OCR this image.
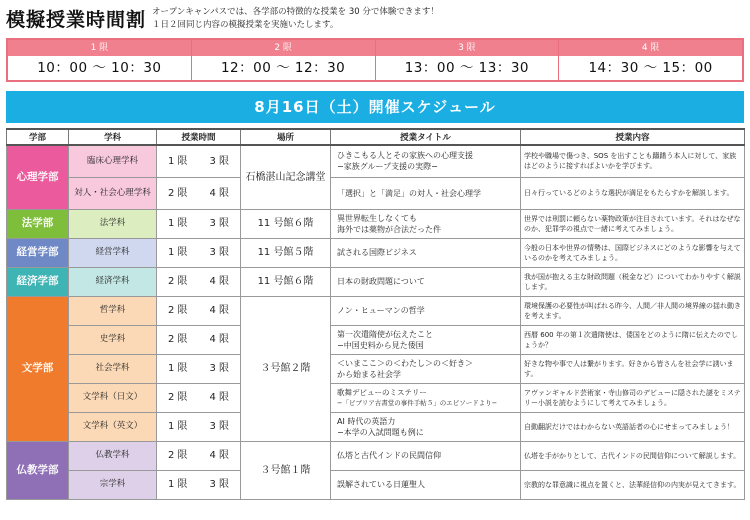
模擬授業時間割 オープンキャンパスでは、各学部の特徴的な授業を 30 分で体験できます！
１日２回同じ内容の模擬授業を実施いたします。
1 限
10：00 〜 10：30
2 限
12：00 〜 12：30
3 限
13：00 〜 13：30
4 限
14：30 〜 15：00
8月16日（土）開催スケジュール
学部	学科	授業時間		場所	授業タイトル	授業内容
心理学部	臨床心理学科	1 限	3 限	石橋湛山記念講堂	ひきこもる人とその家族への心理支援
−家族グループ支援の実際−	学校や職場で傷つき、SOS を出すことも躊躇う本人に対して、家族はどのように接すればよいかを学びます。
	対人・社会心理学科	2 限	4 限		「選択」と「満足」の対人・社会心理学	日々行っているどのような選択が満足をもたらすかを解説します。
法学部	法学科	1 限	3 限	11 号館６階	異世界転生しなくても
海外では薬物が合法だった件	世界では刑罰に頼らない薬物政策が注目されています。それはなぜなのか、犯罪学の視点で一緒に考えてみましょう。
経営学部	経営学科	1 限	3 限	11 号館５階	試される国際ビジネス	今般の日本や世界の情勢は、国際ビジネスにどのような影響を与えているのかを考えてみましょう。
経済学部	経済学科	2 限	4 限	11 号館６階	日本の財政問題について	我が国が抱える主な財政問題（税金など）についてわかりやすく解説します。
文学部	哲学科	2 限	4 限	３号館２階	ノン・ヒューマンの哲学	環境保護の必要性が叫ばれる昨今、人間／非人間の境界線の揺れ動きを考えます。
	史学科	2 限	4 限		第一次遣隋使が伝えたこと
−中国史料から見た倭国	西暦 600 年の第１次遣隋使は、倭国をどのように隋に伝えたのでしょうか？
	社会学科	1 限	3 限		＜いまここ＞の＜わたし＞の＜好き＞
から始まる社会学	好きな物や事で人は繋がります。好きから皆さんを社会学に誘います。
	文学科（日文）	2 限	4 限		歌舞デビューのミステリー
−「ビブリア古書堂の事件手帖５」のエピソードより−	アヴァンギャルド芸術家・寺山修司のデビューに隠された謎をミステリー小説を読むようにして考えてみましょう。
	文学科（英文）	1 限	3 限		AI 時代の英語力
−本学の入試問題も例に	自動翻訳だけではわからない英語話者の心にせまってみましょう！
仏教学部	仏教学科	2 限	4 限	３号館１階	仏塔と古代インドの民間信仰	仏塔を手がかりとして、古代インドの民間信仰について解説します。
	宗学科	1 限	3 限		誤解されている日蓮聖人	宗教的な罪意識に視点を置くと、法華経信仰の内実が見えてきます。
